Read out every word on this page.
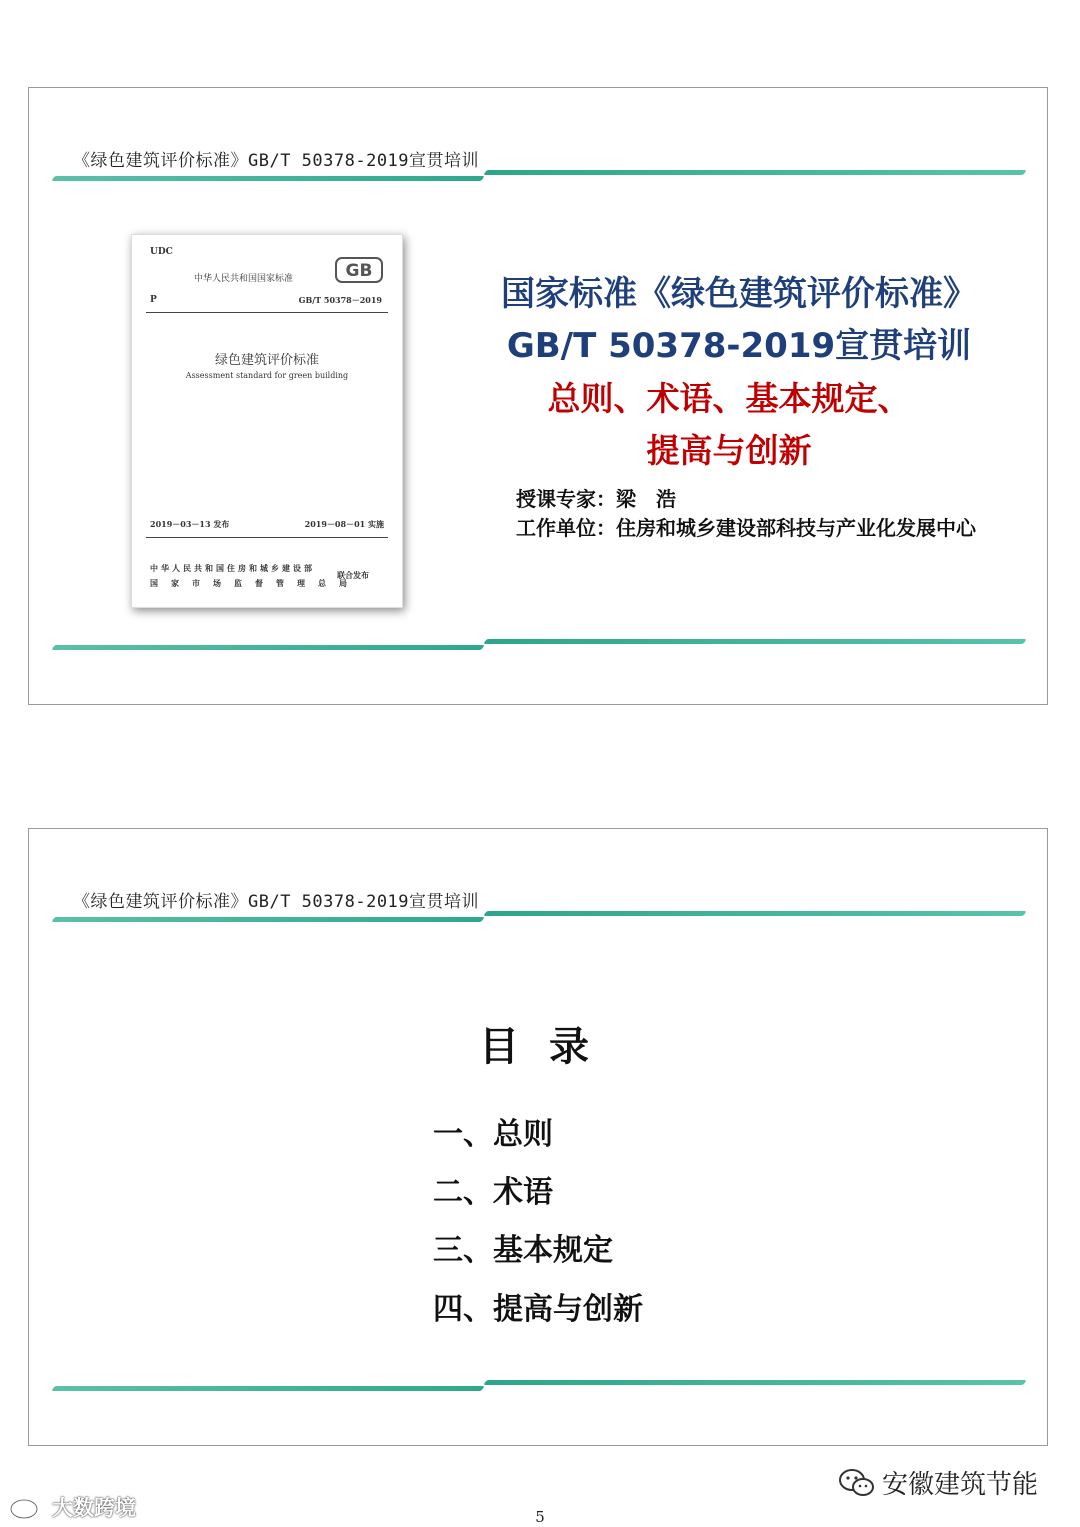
《绿色建筑评价标准》GB/T 50378-2019宣贯培训
UDC
中华人民共和国国家标准	GB
P	GB/T 50378－2019
绿色建筑评价标准
Assessment standard for green building
2019－03－13 发布	2019－08－01 实施
中华人民共和国住房和城乡建设部
国家市场监督管理总局
联合发布
国家标准《绿色建筑评价标准》
GB/T 50378-2019宣贯培训
总则、术语、基本规定、
提高与创新
授课专家：梁　浩
工作单位：住房和城乡建设部科技与产业化发展中心
《绿色建筑评价标准》GB/T 50378-2019宣贯培训
目 录
一、总则
二、术语
三、基本规定
四、提高与创新
安徽建筑节能
大数跨境	5
